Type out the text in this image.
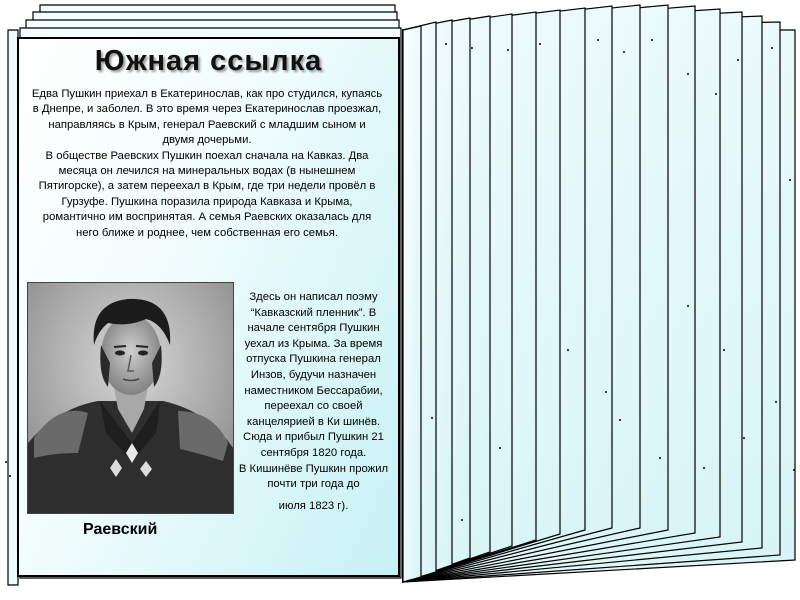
Южная ссылка

Едва Пушкин приехал в Екатеринослав, как про студился, купаясь в Днепре, и заболел. В это время через Екатеринослав проезжал, направляясь в Крым, генерал Раевский с младшим сыном и двумя дочерьми.

В обществе Раевских Пушкин поехал сначала на Кавказ. Два месяца он лечился на минеральных водах (в нынешнем Пятигорске), а затем переехал в Крым, где три недели провёл в Гурзуфе. Пушкина поразила природа Кавказа и Крыма, романтично им воспринятая. А семья Раевских оказалась для него ближе и роднее, чем собственная его семья.

Раевский

Здесь он написал поэму “Кавказский пленник”. В начале сентября Пушкин уехал из Крыма. За время отпуска Пушкина генерал Инзов, будучи назначен наместником Бессарабии, переехал со своей канцелярией в Ки шинёв. Сюда и прибыл Пушкин 21 сентября 1820 года.

В Кишинёве Пушкин прожил почти три года до

июля 1823 г).
